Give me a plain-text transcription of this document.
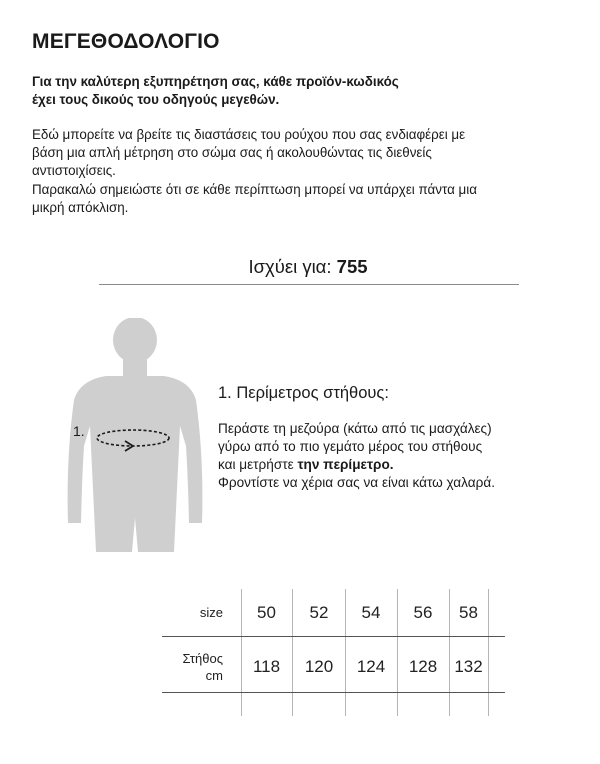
ΜΕΓΕΘΟΔΟΛΟΓΙΟ
Για την καλύτερη εξυπηρέτηση σας, κάθε προϊόν-κωδικός
έχει τους δικούς του οδηγούς μεγεθών.
Εδώ μπορείτε να βρείτε τις διαστάσεις του ρούχου που σας ενδιαφέρει με
βάση μια απλή μέτρηση στο σώμα σας ή ακολουθώντας τις διεθνείς
αντιστοιχίσεις.
Παρακαλώ σημειώστε ότι σε κάθε περίπτωση μπορεί να υπάρχει πάντα μια
μικρή απόκλιση.
Ισχύει για: 755
1.
1. Περίμετρος στήθους:
Περάστε τη μεζούρα (κάτω από τις μασχάλες)
γύρω από το πιο γεμάτο μέρος του στήθους
και μετρήστε την περίμετρο.
Φροντίστε να χέρια σας να είναι κάτω χαλαρά.
size	50	52	54	56	58
Στήθος
cm	118	120	124	128	132
